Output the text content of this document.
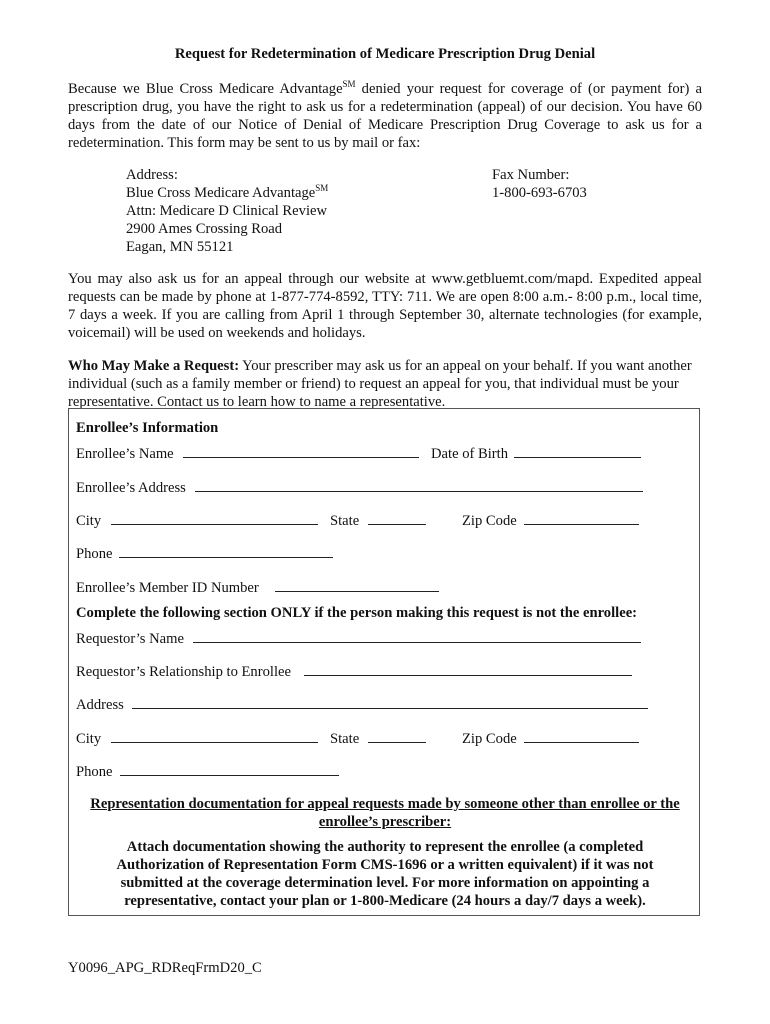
Request for Redetermination of Medicare Prescription Drug Denial
Because we Blue Cross Medicare Advantage℠ denied your request for coverage of (or payment for) a prescription drug, you have the right to ask us for a redetermination (appeal) of our decision. You have 60 days from the date of our Notice of Denial of Medicare Prescription Drug Coverage to ask us for a redetermination. This form may be sent to us by mail or fax:
Address:
Blue Cross Medicare Advantage℠
Attn: Medicare D Clinical Review
2900 Ames Crossing Road
Eagan, MN 55121
Fax Number:
1-800-693-6703
You may also ask us for an appeal through our website at www.getbluemt.com/mapd. Expedited appeal requests can be made by phone at 1-877-774-8592, TTY: 711. We are open 8:00 a.m.- 8:00 p.m., local time, 7 days a week. If you are calling from April 1 through September 30, alternate technologies (for example, voicemail) will be used on weekends and holidays.
Who May Make a Request: Your prescriber may ask us for an appeal on your behalf. If you want another individual (such as a family member or friend) to request an appeal for you, that individual must be your representative. Contact us to learn how to name a representative.
Enrollee’s Information
Enrollee’s Name	Date of Birth
Enrollee’s Address
City	State	Zip Code
Phone
Enrollee’s Member ID Number
Complete the following section ONLY if the person making this request is not the enrollee:
Requestor’s Name
Requestor’s Relationship to Enrollee
Address
City	State	Zip Code
Phone
Representation documentation for appeal requests made by someone other than enrollee or the
enrollee’s prescriber:
Attach documentation showing the authority to represent the enrollee (a completed Authorization of Representation Form CMS-1696 or a written equivalent) if it was not submitted at the coverage determination level. For more information on appointing a representative, contact your plan or 1-800-Medicare (24 hours a day/7 days a week).
Y0096_APG_RDReqFrmD20_C
